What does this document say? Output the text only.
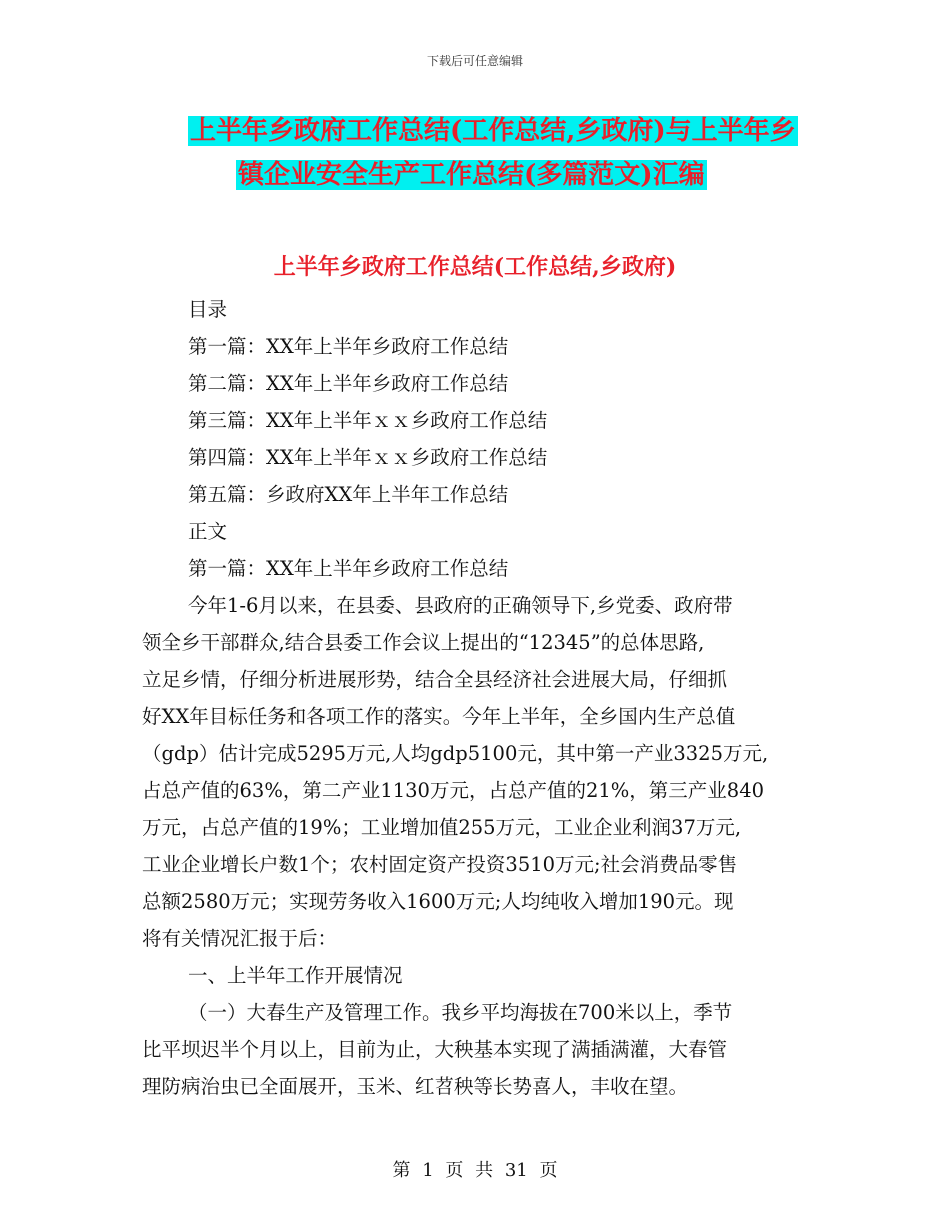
下载后可任意编辑
上半年乡政府工作总结(工作总结,乡政府)与上半年乡
镇企业安全生产工作总结(多篇范文)汇编
上半年乡政府工作总结(工作总结,乡政府)
目录
第一篇：XX年上半年乡政府工作总结
第二篇：XX年上半年乡政府工作总结
第三篇：XX年上半年ｘｘ乡政府工作总结
第四篇：XX年上半年ｘｘ乡政府工作总结
第五篇：乡政府XX年上半年工作总结
正文
第一篇：XX年上半年乡政府工作总结
今年1-6月以来，在县委、县政府的正确领导下,乡党委、政府带
领全乡干部群众,结合县委工作会议上提出的“12345”的总体思路,
立足乡情，仔细分析进展形势，结合全县经济社会进展大局，仔细抓
好XX年目标任务和各项工作的落实。今年上半年，全乡国内生产总值
（gdp）估计完成5295万元,人均gdp5100元，其中第一产业3325万元,
占总产值的63%，第二产业1130万元，占总产值的21%，第三产业840
万元，占总产值的19%；工业增加值255万元，工业企业利润37万元,
工业企业增长户数1个；农村固定资产投资3510万元;社会消费品零售
总额2580万元；实现劳务收入1600万元;人均纯收入增加190元。现
将有关情况汇报于后：
一、上半年工作开展情况
（一）大春生产及管理工作。我乡平均海拔在700米以上，季节
比平坝迟半个月以上，目前为止，大秧基本实现了满插满灌，大春管
理防病治虫已全面展开，玉米、红苕秧等长势喜人，丰收在望。
第 1 页 共 31 页
